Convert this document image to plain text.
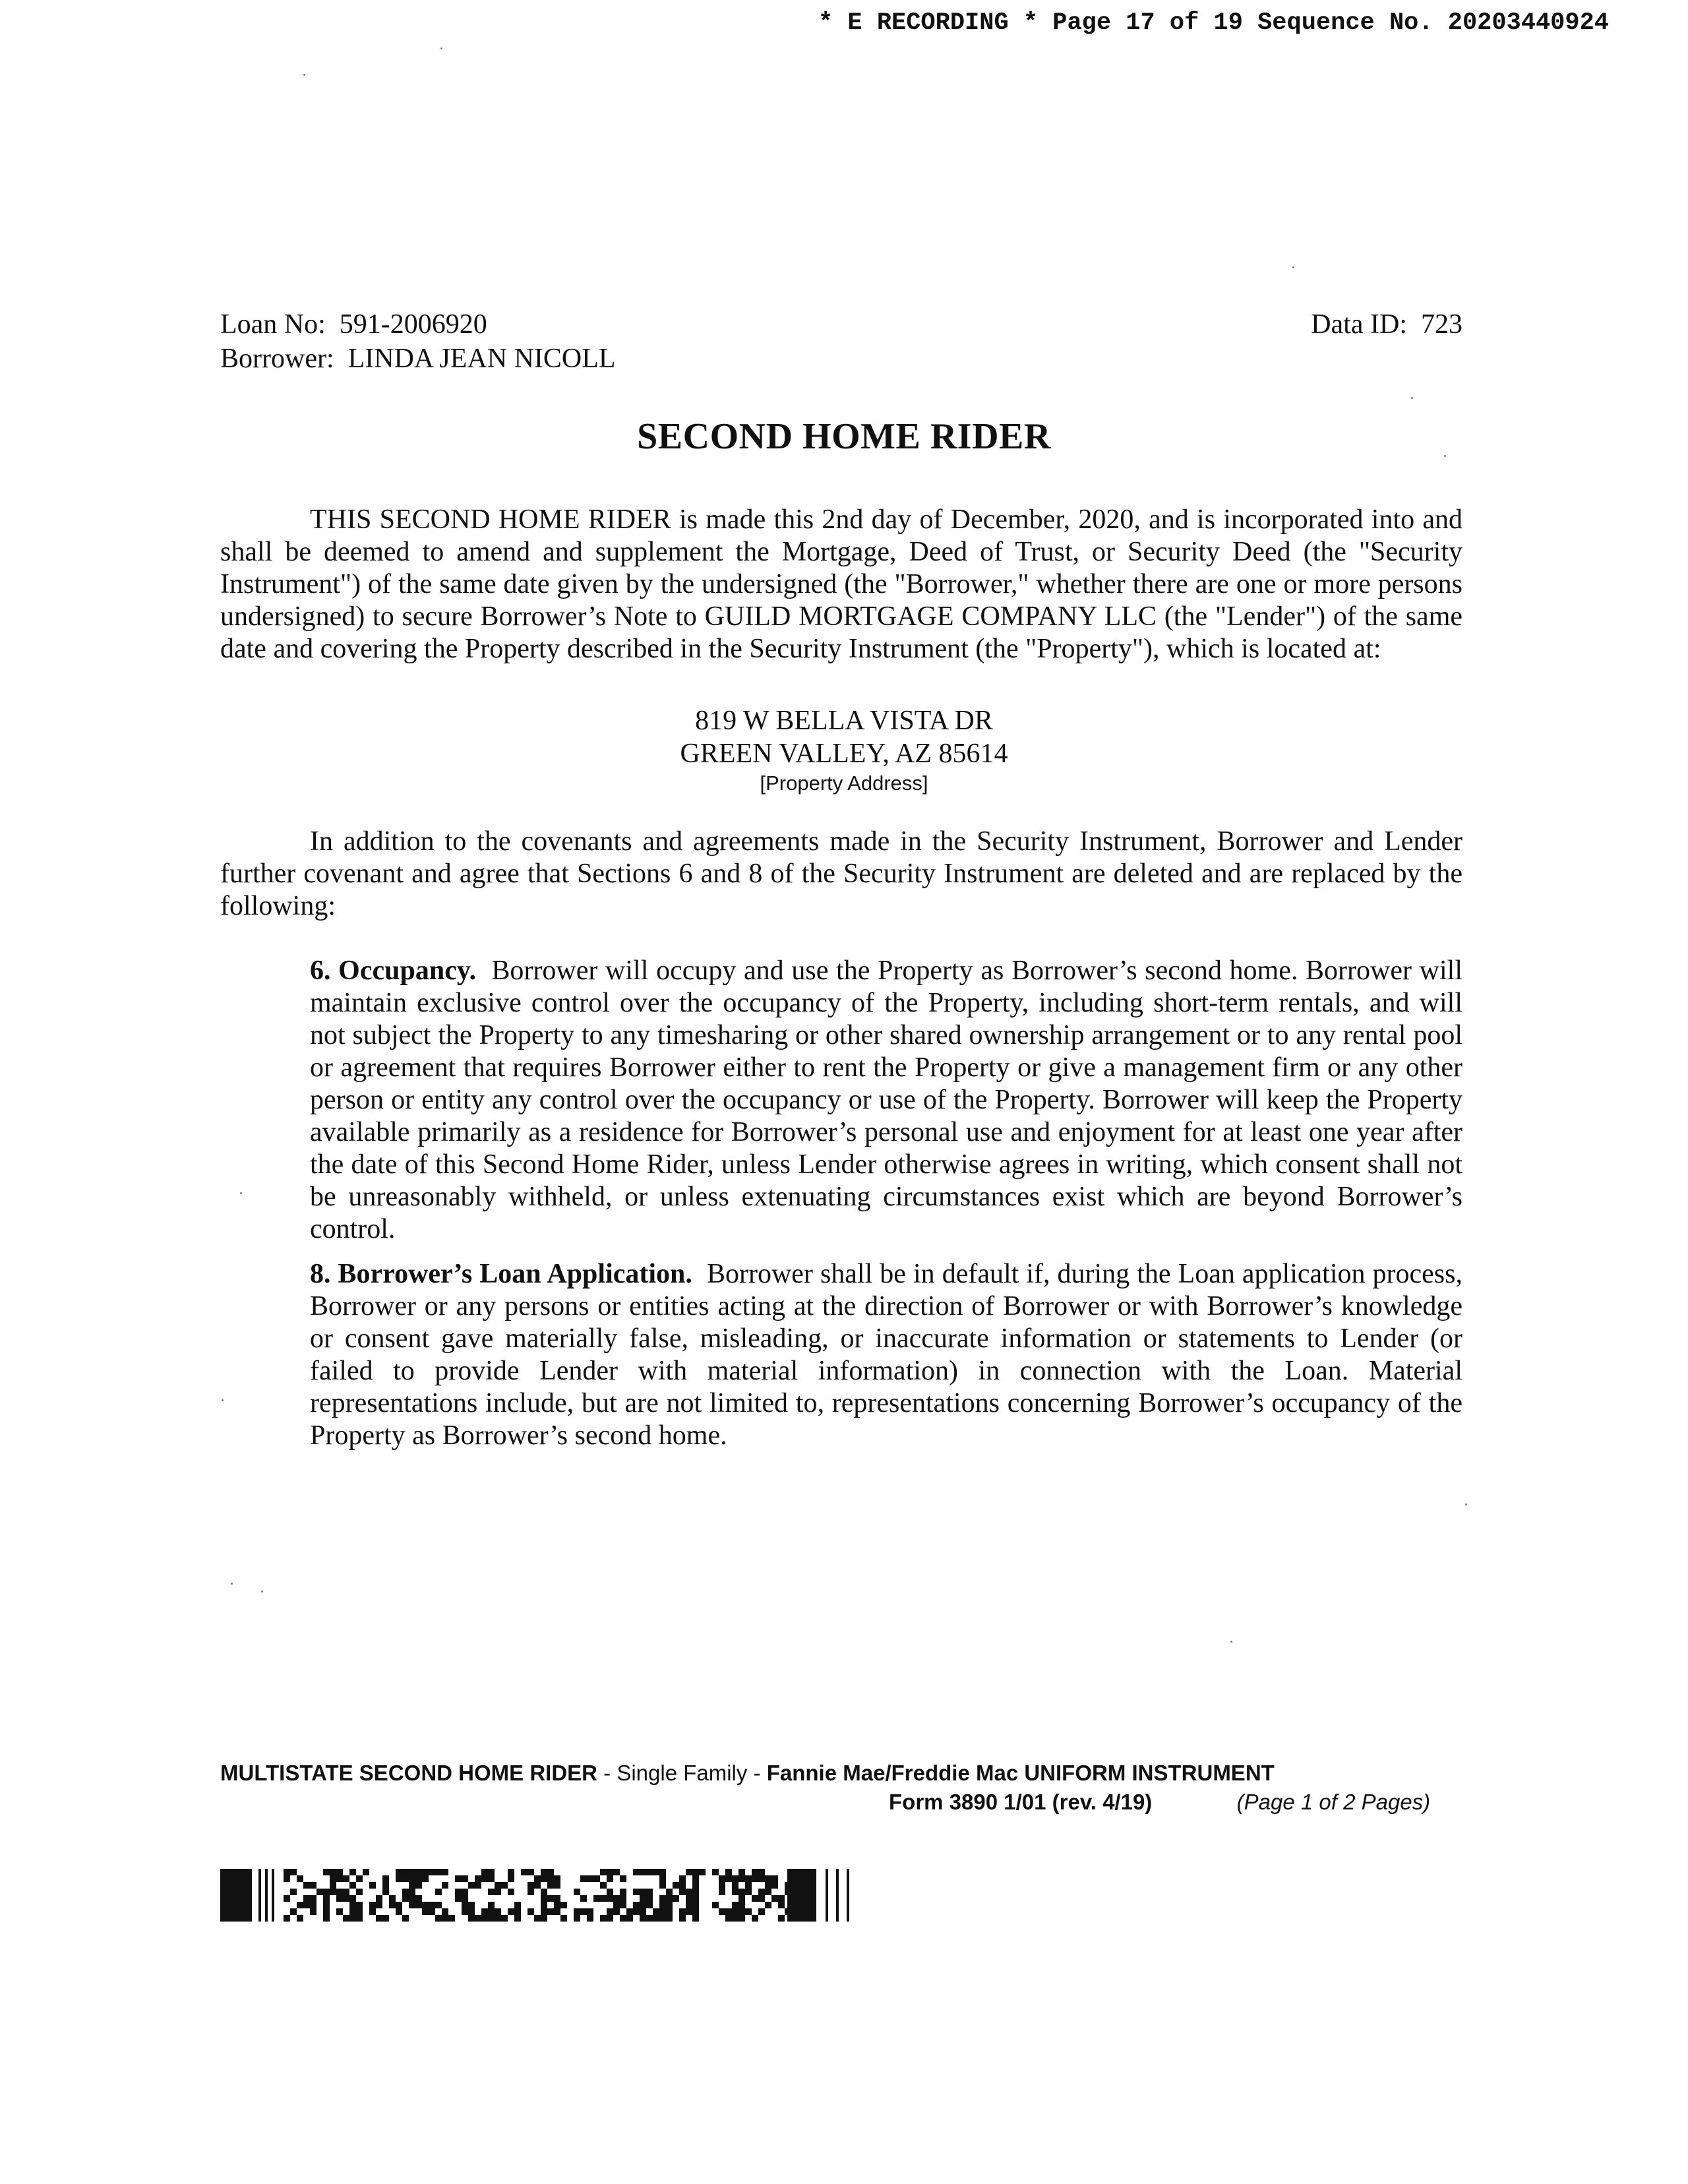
* E RECORDING * Page 17 of 19 Sequence No. 20203440924
Loan No: 591-2006920
Borrower: LINDA JEAN NICOLL
Data ID: 723
SECOND HOME RIDER

THIS SECOND HOME RIDER is made this 2nd day of December, 2020, and is incorporated into and shall be deemed to amend and supplement the Mortgage, Deed of Trust, or Security Deed (the "Security Instrument") of the same date given by the undersigned (the "Borrower," whether there are one or more persons undersigned) to secure Borrower’s Note to GUILD MORTGAGE COMPANY LLC (the "Lender") of the same date and covering the Property described in the Security Instrument (the "Property"), which is located at:

819 W BELLA VISTA DR
GREEN VALLEY, AZ 85614
[Property Address]

In addition to the covenants and agreements made in the Security Instrument, Borrower and Lender further covenant and agree that Sections 6 and 8 of the Security Instrument are deleted and are replaced by the following:

6. Occupancy. Borrower will occupy and use the Property as Borrower’s second home. Borrower will maintain exclusive control over the occupancy of the Property, including short-term rentals, and will not subject the Property to any timesharing or other shared ownership arrangement or to any rental pool or agreement that requires Borrower either to rent the Property or give a management firm or any other person or entity any control over the occupancy or use of the Property. Borrower will keep the Property available primarily as a residence for Borrower’s personal use and enjoyment for at least one year after the date of this Second Home Rider, unless Lender otherwise agrees in writing, which consent shall not be unreasonably withheld, or unless extenuating circumstances exist which are beyond Borrower’s control.

8. Borrower’s Loan Application. Borrower shall be in default if, during the Loan application process, Borrower or any persons or entities acting at the direction of Borrower or with Borrower’s knowledge or consent gave materially false, misleading, or inaccurate information or statements to Lender (or failed to provide Lender with material information) in connection with the Loan. Material representations include, but are not limited to, representations concerning Borrower’s occupancy of the Property as Borrower’s second home.

MULTISTATE SECOND HOME RIDER - Single Family - Fannie Mae/Freddie Mac UNIFORM INSTRUMENT
Form 3890 1/01 (rev. 4/19)	(Page 1 of 2 Pages)
